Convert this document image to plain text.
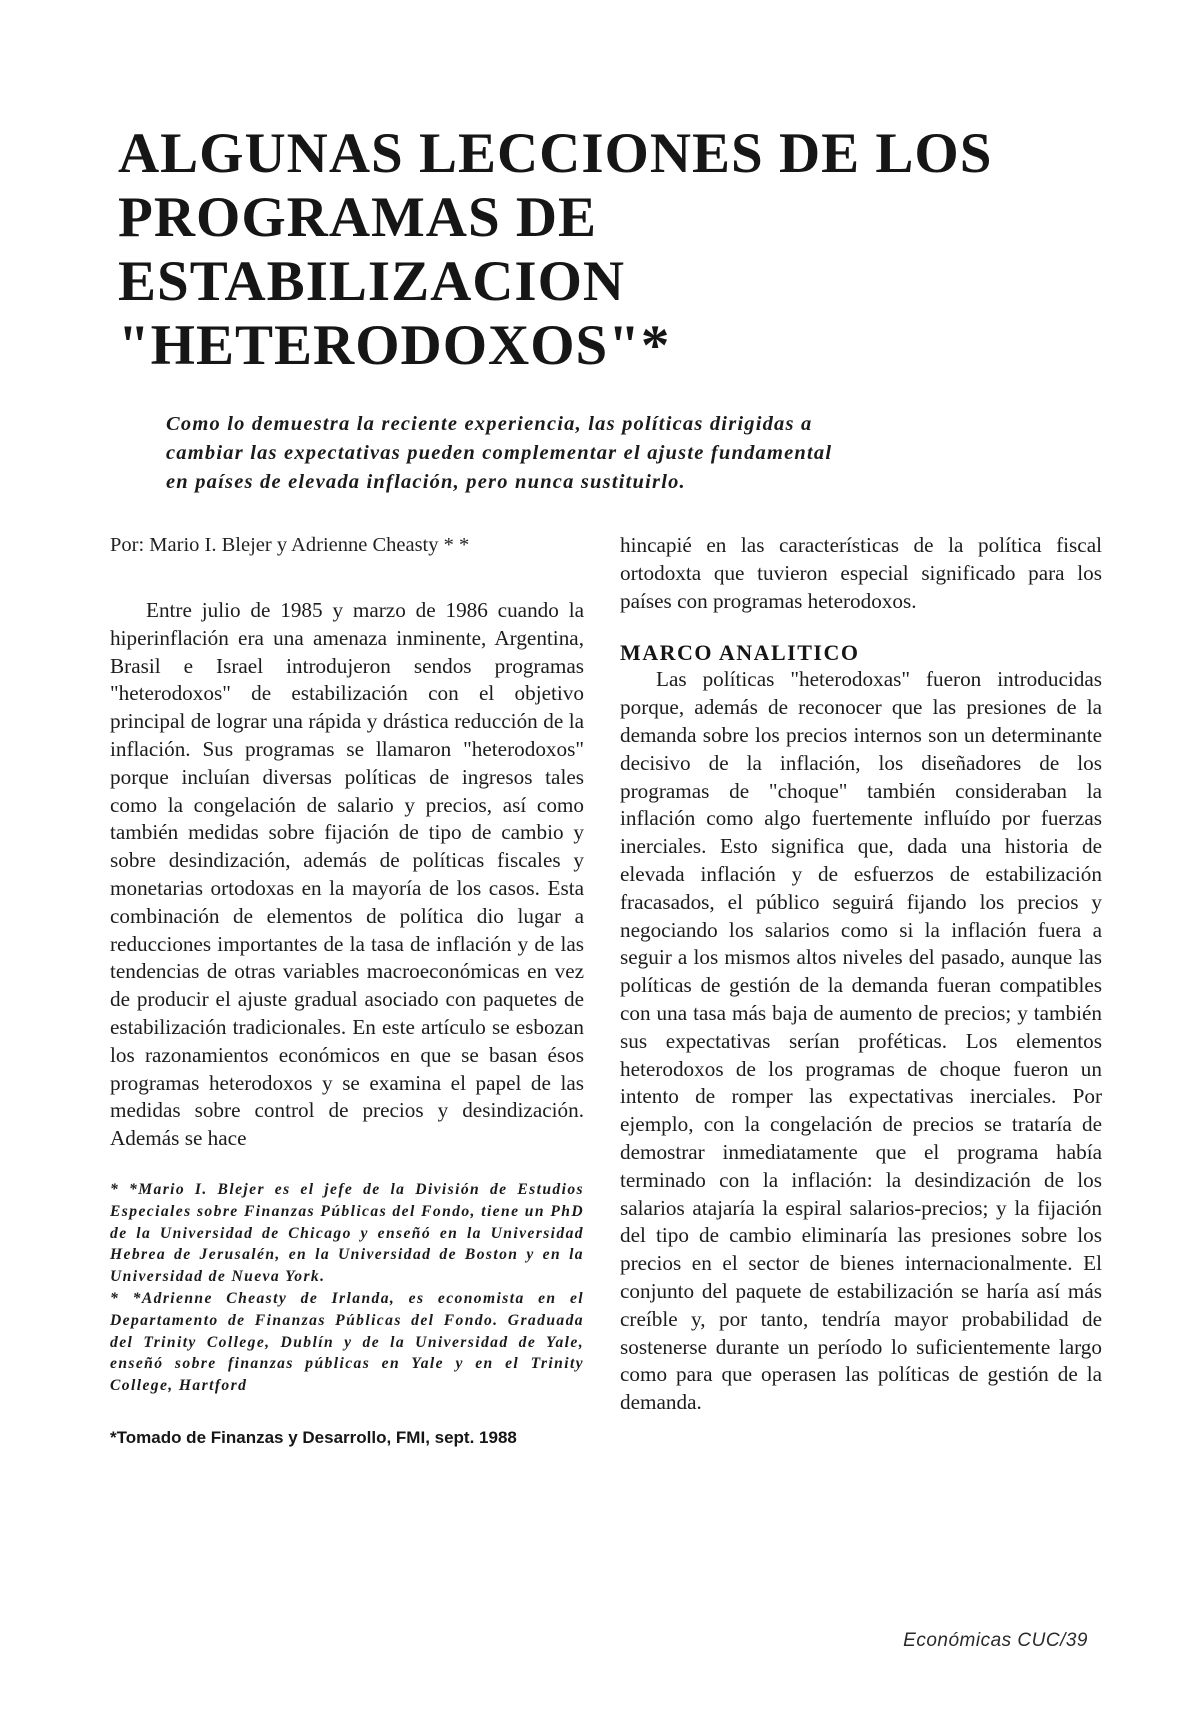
ALGUNAS LECCIONES DE LOS
PROGRAMAS DE
ESTABILIZACION
"HETERODOXOS"*

Como lo demuestra la reciente experiencia, las políticas dirigidas a
cambiar las expectativas pueden complementar el ajuste fundamental
en países de elevada inflación, pero nunca sustituirlo.

Por: Mario I. Blejer y Adrienne Cheasty * *

Entre julio de 1985 y marzo de 1986 cuando la hiperinflación era una amenaza inminente, Argentina, Brasil e Israel introdujeron sendos programas "heterodoxos" de estabilización con el objetivo principal de lograr una rápida y drástica reducción de la inflación. Sus programas se llamaron "heterodoxos" porque incluían diversas políticas de ingresos tales como la congelación de salario y precios, así como también medidas sobre fijación de tipo de cambio y sobre desindización, además de políticas fiscales y monetarias ortodoxas en la mayoría de los casos. Esta combinación de elementos de política dio lugar a reducciones importantes de la tasa de inflación y de las tendencias de otras variables macroeconómicas en vez de producir el ajuste gradual asociado con paquetes de estabilización tradicionales. En este artículo se esbozan los razonamientos económicos en que se basan ésos programas heterodoxos y se examina el papel de las medidas sobre control de precios y desindización. Además se hace

* *Mario I. Blejer es el jefe de la División de Estudios Especiales sobre Finanzas Públicas del Fondo, tiene un PhD de la Universidad de Chicago y enseñó en la Universidad Hebrea de Jerusalén, en la Universidad de Boston y en la Universidad de Nueva York.

* *Adrienne Cheasty de Irlanda, es economista en el Departamento de Finanzas Públicas del Fondo. Graduada del Trinity College, Dublín y de la Universidad de Yale, enseñó sobre finanzas públicas en Yale y en el Trinity College, Hartford

*Tomado de Finanzas y Desarrollo, FMI, sept. 1988

hincapié en las características de la política fiscal ortodoxta que tuvieron especial significado para los países con programas heterodoxos.

MARCO ANALITICO

Las políticas "heterodoxas" fueron introducidas porque, además de reconocer que las presiones de la demanda sobre los precios internos son un determinante decisivo de la inflación, los diseñadores de los programas de "choque" también consideraban la inflación como algo fuertemente influído por fuerzas inerciales. Esto significa que, dada una historia de elevada inflación y de esfuerzos de estabilización fracasados, el público seguirá fijando los precios y negociando los salarios como si la inflación fuera a seguir a los mismos altos niveles del pasado, aunque las políticas de gestión de la demanda fueran compatibles con una tasa más baja de aumento de precios; y también sus expectativas serían proféticas. Los elementos heterodoxos de los programas de choque fueron un intento de romper las expectativas inerciales. Por ejemplo, con la congelación de precios se trataría de demostrar inmediatamente que el programa había terminado con la inflación: la desindización de los salarios atajaría la espiral salarios-precios; y la fijación del tipo de cambio eliminaría las presiones sobre los precios en el sector de bienes internacionalmente. El conjunto del paquete de estabilización se haría así más creíble y, por tanto, tendría mayor probabilidad de sostenerse durante un período lo suficientemente largo como para que operasen las políticas de gestión de la demanda.

Económicas CUC/39
